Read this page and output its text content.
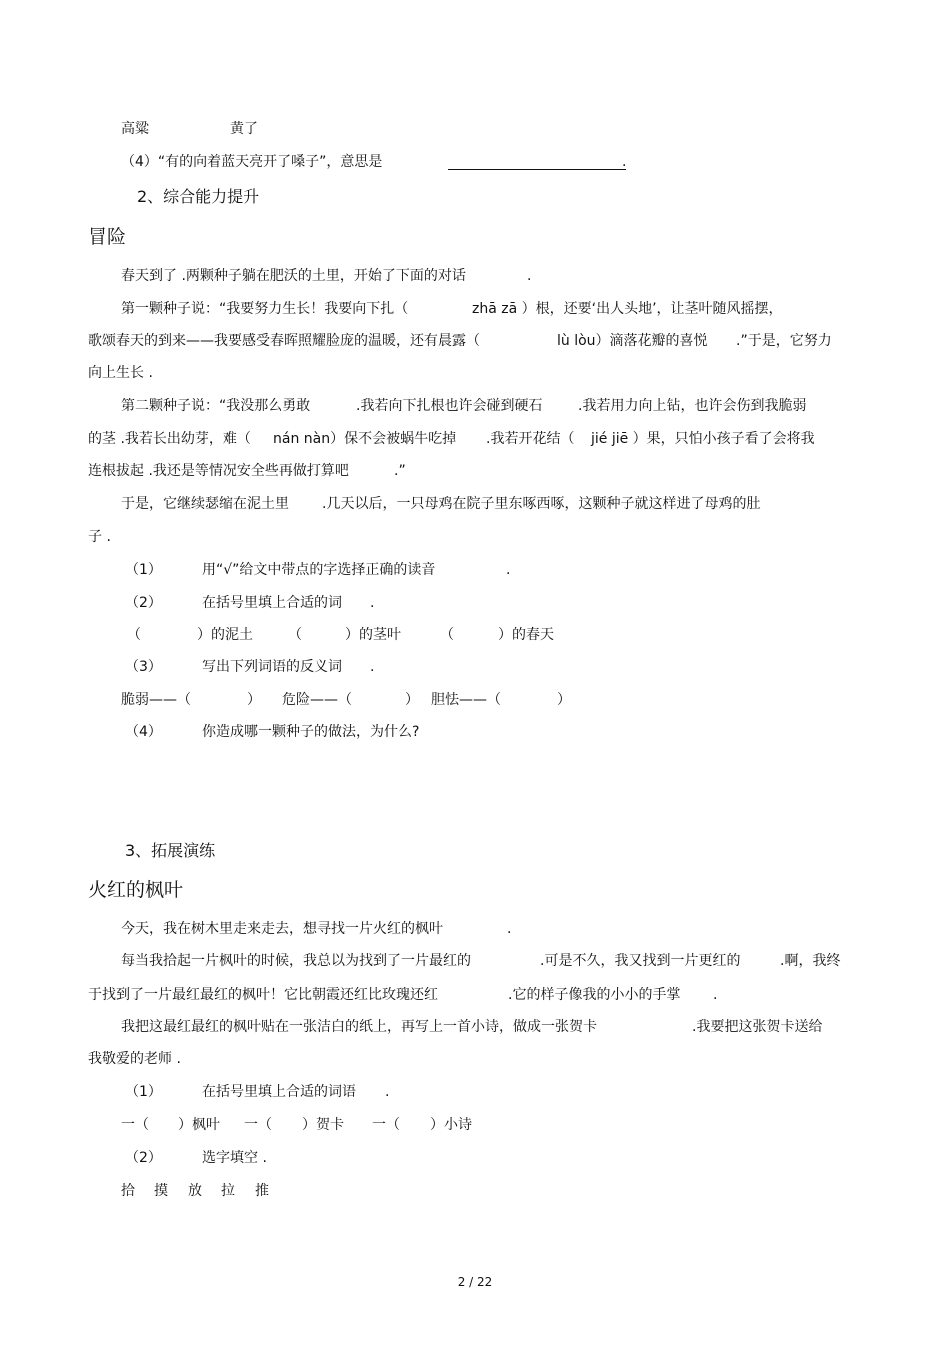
高粱	黄了
（4）“有的向着蓝天亮开了嗓子”，意思是	.
2、综合能力提升
冒险
春天到了 .两颗种子躺在肥沃的土里，开始了下面的对话	.
第一颗种子说：“我要努力生长！我要向下扎（	zhā zā ）根，还要‘出人头地’，让茎叶随风摇摆，
歌颂春天的到来——我要感受春晖照耀脸庞的温暖，还有晨露（	lù lòu）滴落花瓣的喜悦 .”于是，它努力
向上生长 .
第二颗种子说：“我没那么勇敢	.我若向下扎根也许会碰到硬石	.我若用力向上钻，也许会伤到我脆弱
的茎 .我若长出幼芽，难（ nán nàn）保不会被蜗牛吃掉 .我若开花结（ jié jiē ）果，只怕小孩子看了会将我
连根拔起 .我还是等情况安全些再做打算吧	.”
于是，它继续瑟缩在泥土里 .几天以后，一只母鸡在院子里东啄西啄，这颗种子就这样进了母鸡的肚
子 .
（1）	用“√”给文中带点的字选择正确的读音	.
（2）	在括号里填上合适的词 .
（	）的泥土	（	）的茎叶	（	）的春天
（3）	写出下列词语的反义词 .
脆弱——（	） 危险——（	） 胆怯——（	）
（4）	你造成哪一颗种子的做法，为什么?
3、拓展演练
火红的枫叶
今天，我在树木里走来走去，想寻找一片火红的枫叶	.
每当我拾起一片枫叶的时候，我总以为找到了一片最红的	.可是不久，我又找到一片更红的	.啊，我终
于找到了一片最红最红的枫叶！它比朝霞还红比玫瑰还红	.它的样子像我的小小的手掌 .
我把这最红最红的枫叶贴在一张洁白的纸上，再写上一首小诗，做成一张贺卡	.我要把这张贺卡送给
我敬爱的老师 .
（1）	在括号里填上合适的词语 .
一（ ）枫叶 一（ ）贺卡 一（ ）小诗
（2）	选字填空 .
拾 摸 放 拉 推
2 / 22
